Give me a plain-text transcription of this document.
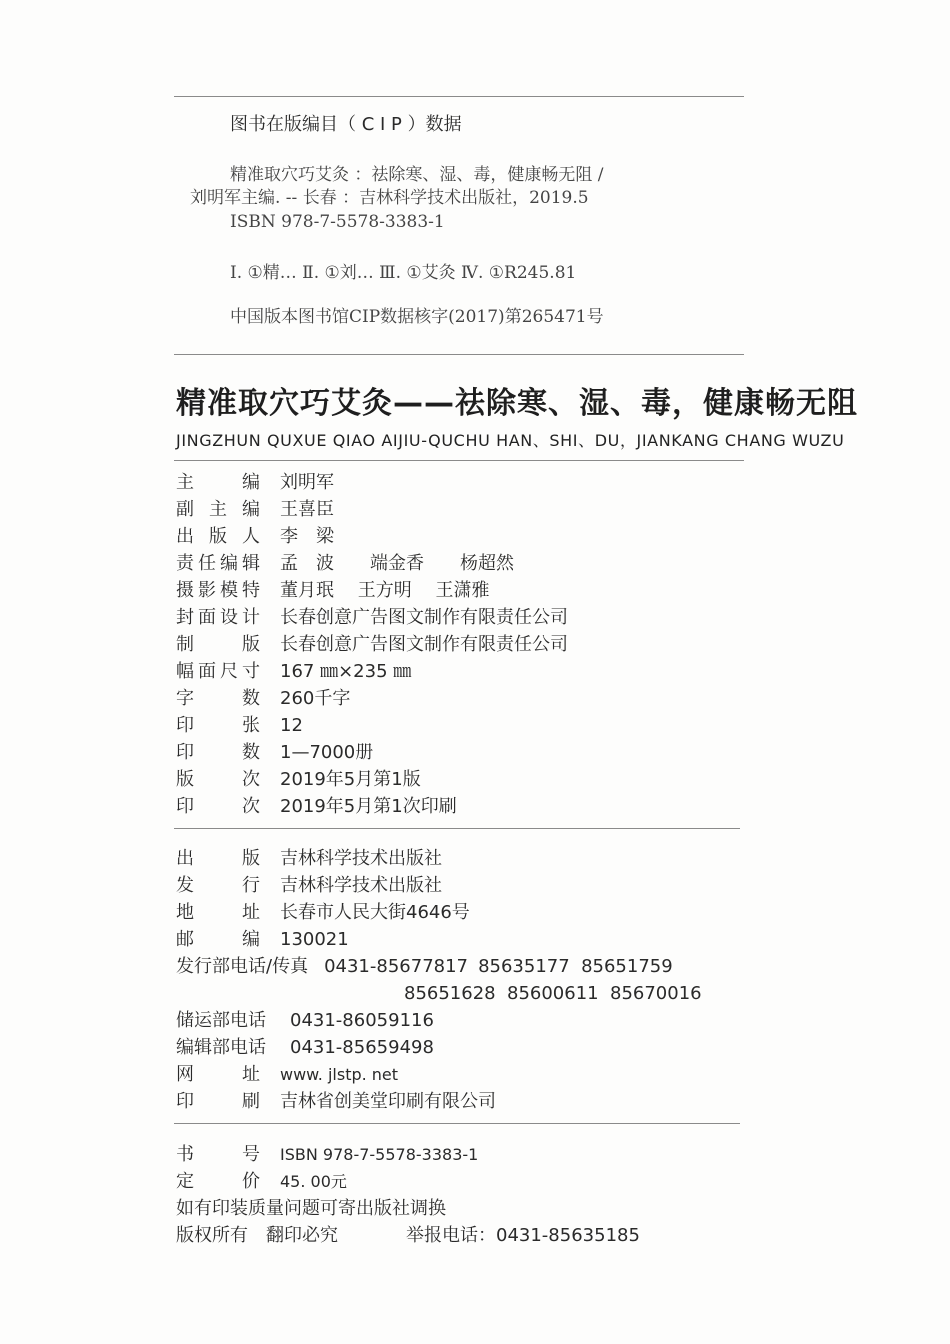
图书在版编目（ C I P ）数据
精准取穴巧艾灸 ：祛除寒、湿、毒，健康畅无阻 /
刘明军主编. -- 长春 ：吉林科学技术出版社，2019.5
ISBN 978-7-5578-3383-1
Ⅰ. ①精… Ⅱ. ①刘… Ⅲ. ①艾灸 Ⅳ. ①R245.81
中国版本图书馆CIP数据核字(2017)第265471号
精准取穴巧艾灸——祛除寒、湿、毒，健康畅无阻
JINGZHUN QUXUE QIAO AIJIU-QUCHU HAN、SHI、DU，JIANKANG CHANG WUZU
主编 刘明军
副主编 王喜臣
出版人 李　梁
责任编辑 孟　波　　端金香　　杨超然
摄影模特 董月珉　 王方明　 王潇雅
封面设计 长春创意广告图文制作有限责任公司
制版 长春创意广告图文制作有限责任公司
幅面尺寸 167 ㎜×235 ㎜
字数 260千字
印张 12
印数 1—7000册
版次 2019年5月第1版
印次 2019年5月第1次印刷
出版 吉林科学技术出版社
发行 吉林科学技术出版社
地址 长春市人民大街4646号
邮编 130021
发行部电话/传真 0431-85677817 85635177 85651759
85651628 85600611 85670016
储运部电话 0431-86059116
编辑部电话 0431-85659498
网址 www. jlstp. net
印刷 吉林省创美堂印刷有限公司
书号 ISBN 978-7-5578-3383-1
定价 45. 00元
如有印装质量问题可寄出版社调换
版权所有　翻印必究	举报电话：0431-85635185
